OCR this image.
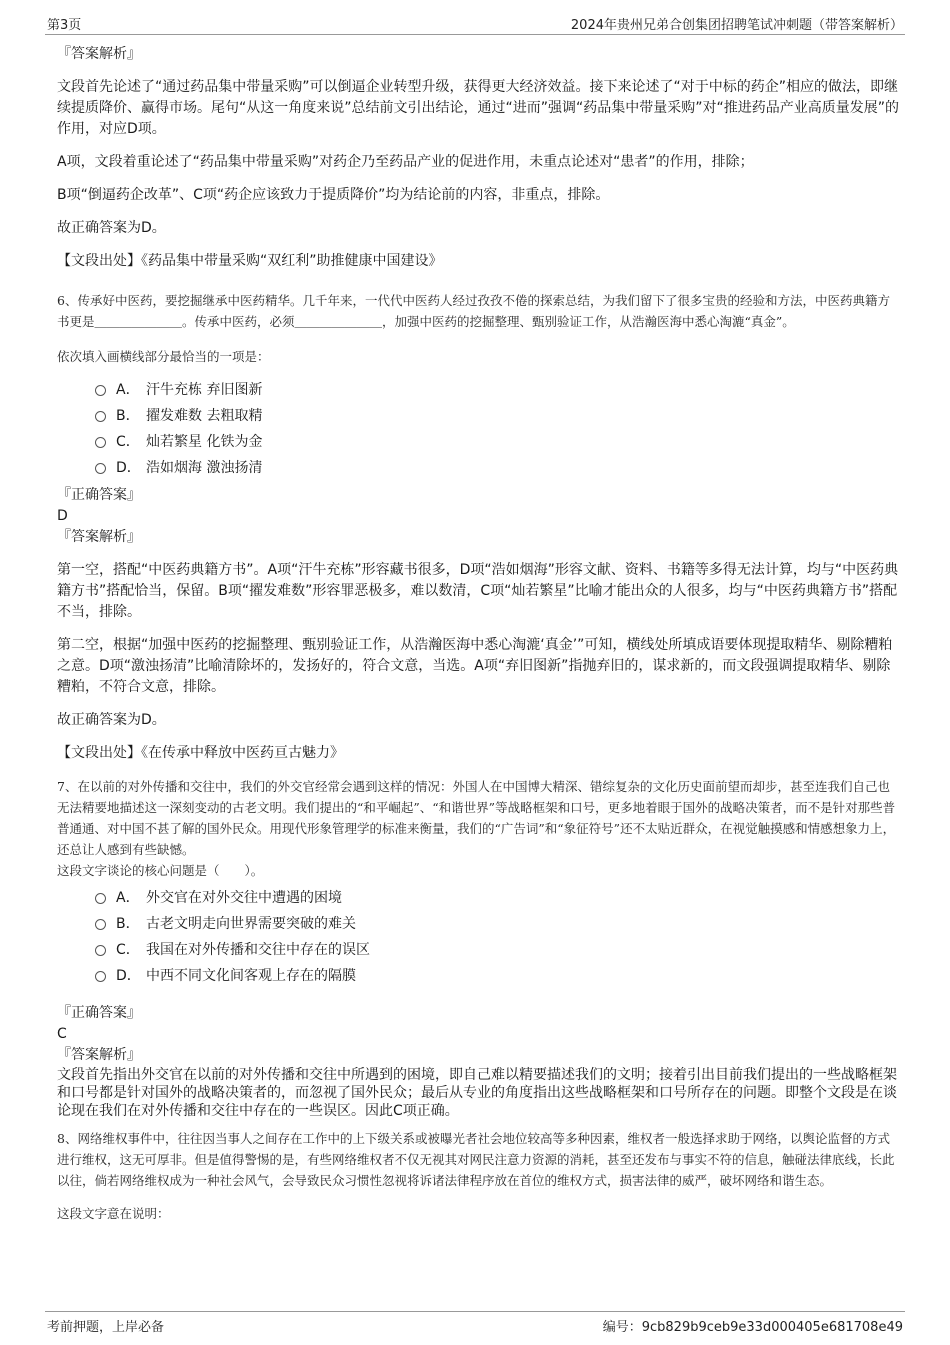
第3页	2024年贵州兄弟合创集团招聘笔试冲刺题（带答案解析）

『答案解析』

文段首先论述了“通过药品集中带量采购”可以倒逼企业转型升级，获得更大经济效益。接下来论述了“对于中标的药企”相应的做法，即继续提质降价、赢得市场。尾句“从这一角度来说”总结前文引出结论，通过“进而”强调“药品集中带量采购”对“推进药品产业高质量发展”的作用，对应D项。

A项，文段着重论述了“药品集中带量采购”对药企乃至药品产业的促进作用，未重点论述对“患者”的作用，排除；

B项“倒逼药企改革”、C项“药企应该致力于提质降价”均为结论前的内容，非重点，排除。

故正确答案为D。

【文段出处】《药品集中带量采购“双红利”助推健康中国建设》

6、传承好中医药，要挖掘继承中医药精华。几千年来，一代代中医药人经过孜孜不倦的探索总结，为我们留下了很多宝贵的经验和方法，中医药典籍方书更是＿＿＿＿＿＿＿。传承中医药，必须＿＿＿＿＿＿＿，加强中医药的挖掘整理、甄别验证工作，从浩瀚医海中悉心淘漉“真金”。

依次填入画横线部分最恰当的一项是：

A． 汗牛充栋 弃旧图新
B． 擢发难数 去粗取精
C． 灿若繁星 化铁为金
D． 浩如烟海 激浊扬清

『正确答案』

D

『答案解析』

第一空，搭配“中医药典籍方书”。A项“汗牛充栋”形容藏书很多，D项“浩如烟海”形容文献、资料、书籍等多得无法计算，均与“中医药典籍方书”搭配恰当，保留。B项“擢发难数”形容罪恶极多，难以数清，C项“灿若繁星”比喻才能出众的人很多，均与“中医药典籍方书”搭配不当，排除。

第二空，根据“加强中医药的挖掘整理、甄别验证工作，从浩瀚医海中悉心淘漉‘真金’”可知，横线处所填成语要体现提取精华、剔除糟粕之意。D项“激浊扬清”比喻清除坏的，发扬好的，符合文意，当选。A项“弃旧图新”指抛弃旧的，谋求新的，而文段强调提取精华、剔除糟粕，不符合文意，排除。

故正确答案为D。

【文段出处】《在传承中释放中医药亘古魅力》

7、在以前的对外传播和交往中，我们的外交官经常会遇到这样的情况：外国人在中国博大精深、错综复杂的文化历史面前望而却步，甚至连我们自己也无法精要地描述这一深刻变动的古老文明。我们提出的“和平崛起”、“和谐世界”等战略框架和口号，更多地着眼于国外的战略决策者，而不是针对那些普普通通、对中国不甚了解的国外民众。用现代形象管理学的标准来衡量，我们的“广告词”和“象征符号”还不太贴近群众，在视觉触摸感和情感想象力上，还总让人感到有些缺憾。

这段文字谈论的核心问题是（　　）。

A． 外交官在对外交往中遭遇的困境
B． 古老文明走向世界需要突破的难关
C． 我国在对外传播和交往中存在的误区
D． 中西不同文化间客观上存在的隔膜

『正确答案』

C

『答案解析』

文段首先指出外交官在以前的对外传播和交往中所遇到的困境，即自己难以精要描述我们的文明；接着引出目前我们提出的一些战略框架和口号都是针对国外的战略决策者的，而忽视了国外民众；最后从专业的角度指出这些战略框架和口号所存在的问题。即整个文段是在谈论现在我们在对外传播和交往中存在的一些误区。因此C项正确。

8、网络维权事件中，往往因当事人之间存在工作中的上下级关系或被曝光者社会地位较高等多种因素，维权者一般选择求助于网络，以舆论监督的方式进行维权，这无可厚非。但是值得警惕的是，有些网络维权者不仅无视其对网民注意力资源的消耗，甚至还发布与事实不符的信息，触碰法律底线，长此以往，倘若网络维权成为一种社会风气，会导致民众习惯性忽视将诉诸法律程序放在首位的维权方式，损害法律的威严，破坏网络和谐生态。

这段文字意在说明：

考前押题，上岸必备	编号：9cb829b9ceb9e33d000405e681708e49
